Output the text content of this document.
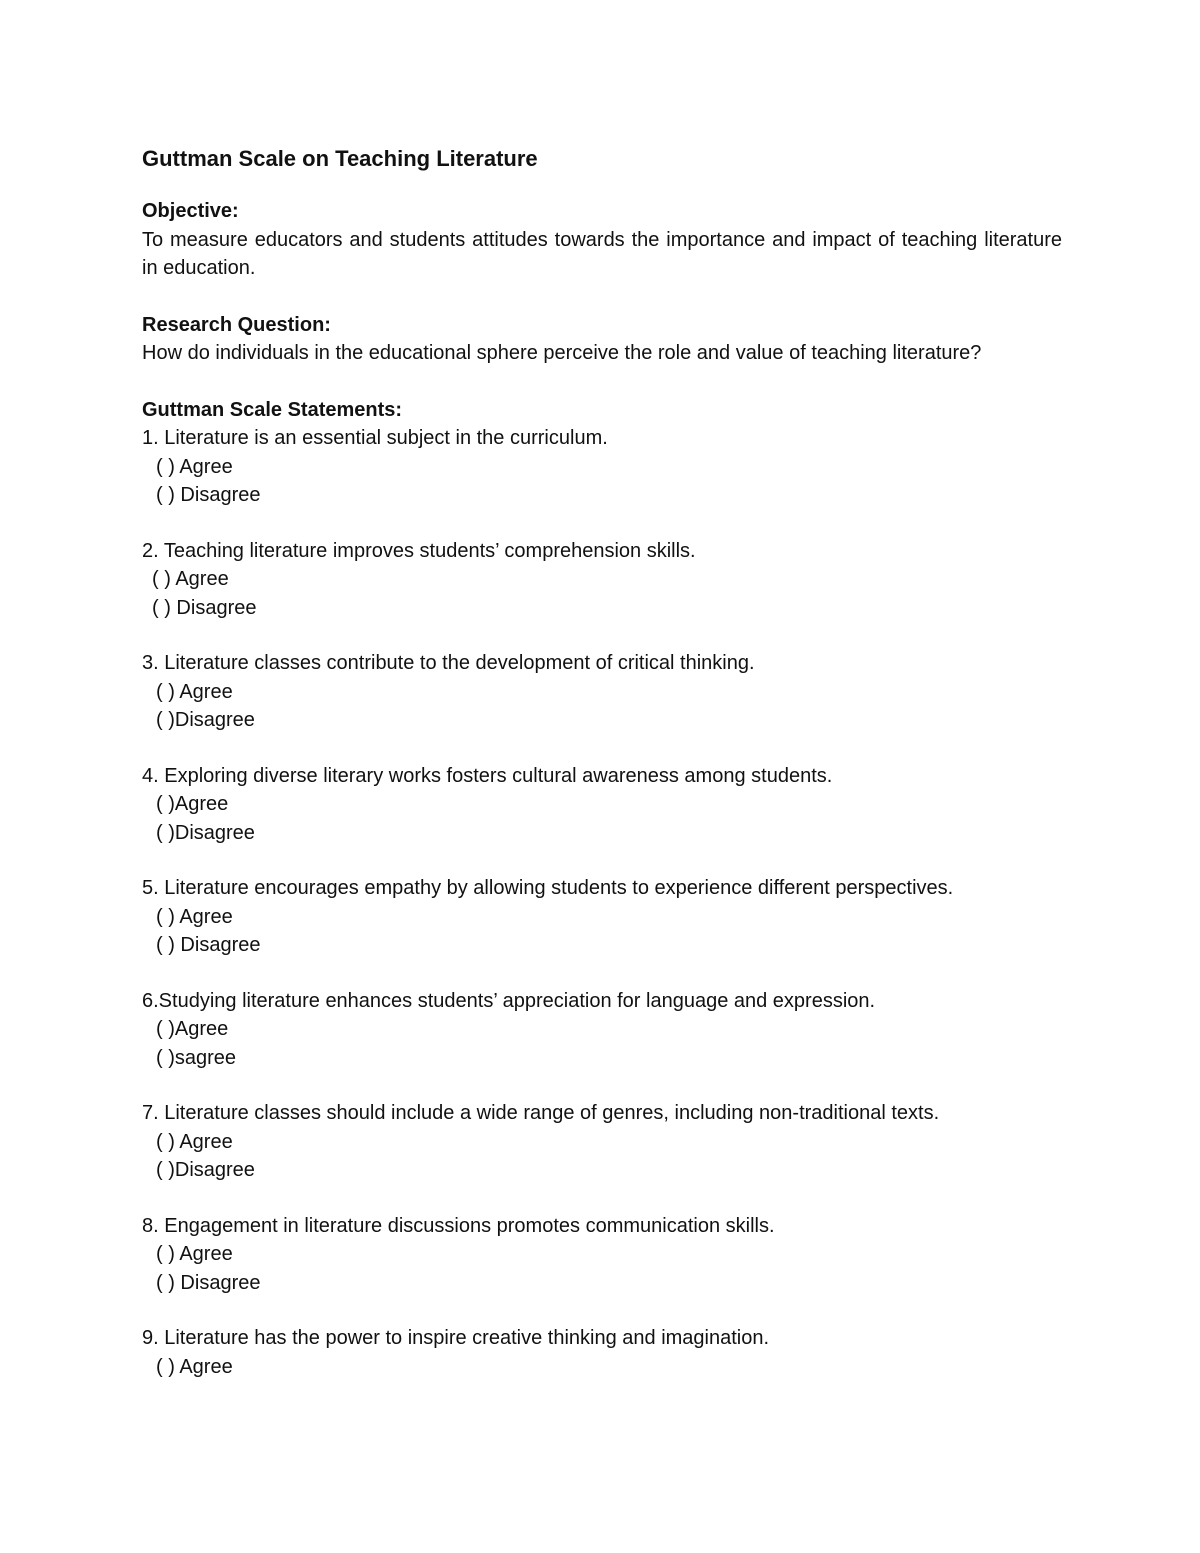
Guttman Scale on Teaching Literature

Objective:

To measure educators and students attitudes towards the importance and impact of teaching literature in education.

Research Question:

How do individuals in the educational sphere perceive the role and value of teaching literature?

Guttman Scale Statements:

1. Literature is an essential subject in the curriculum.

( ) Agree

( ) Disagree

2. Teaching literature improves students’ comprehension skills.

( ) Agree

( ) Disagree

3. Literature classes contribute to the development of critical thinking.

( ) Agree

( )Disagree

4. Exploring diverse literary works fosters cultural awareness among students.

( )Agree

( )Disagree

5. Literature encourages empathy by allowing students to experience different perspectives.

( ) Agree

( ) Disagree

6.Studying literature enhances students’ appreciation for language and expression.

( )Agree

( )sagree

7. Literature classes should include a wide range of genres, including non-traditional texts.

( ) Agree

( )Disagree

8. Engagement in literature discussions promotes communication skills.

( ) Agree

( ) Disagree

9. Literature has the power to inspire creative thinking and imagination.

( ) Agree
